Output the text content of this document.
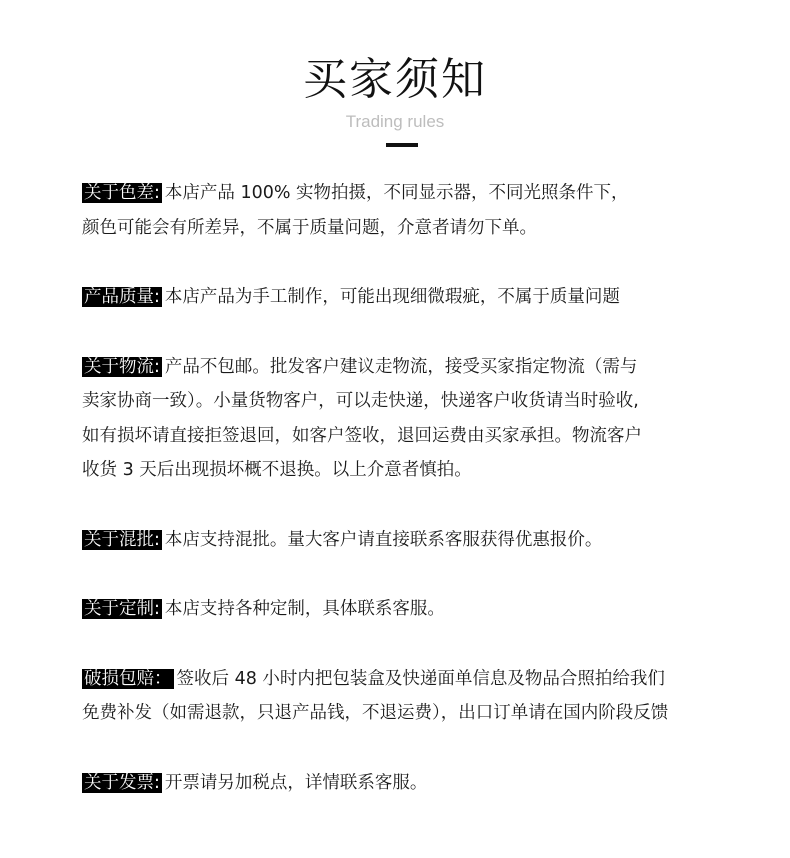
买家须知
Trading rules
关于色差: 本店产品 100% 实物拍摄，不同显示器，不同光照条件下，
颜色可能会有所差异，不属于质量问题，介意者请勿下单。
产品质量: 本店产品为手工制作，可能出现细微瑕疵，不属于质量问题
关于物流: 产品不包邮。批发客户建议走物流，接受买家指定物流（需与
卖家协商一致）。小量货物客户，可以走快递，快递客户收货请当时验收,
如有损坏请直接拒签退回，如客户签收，退回运费由买家承担。物流客户
收货 3 天后出现损坏概不退换。以上介意者慎拍。
关于混批: 本店支持混批。量大客户请直接联系客服获得优惠报价。
关于定制: 本店支持各种定制，具体联系客服。
破损包赔： 签收后 48 小时内把包装盒及快递面单信息及物品合照拍给我们
免费补发（如需退款，只退产品钱，不退运费），出口订单请在国内阶段反馈
关于发票: 开票请另加税点，详情联系客服。
